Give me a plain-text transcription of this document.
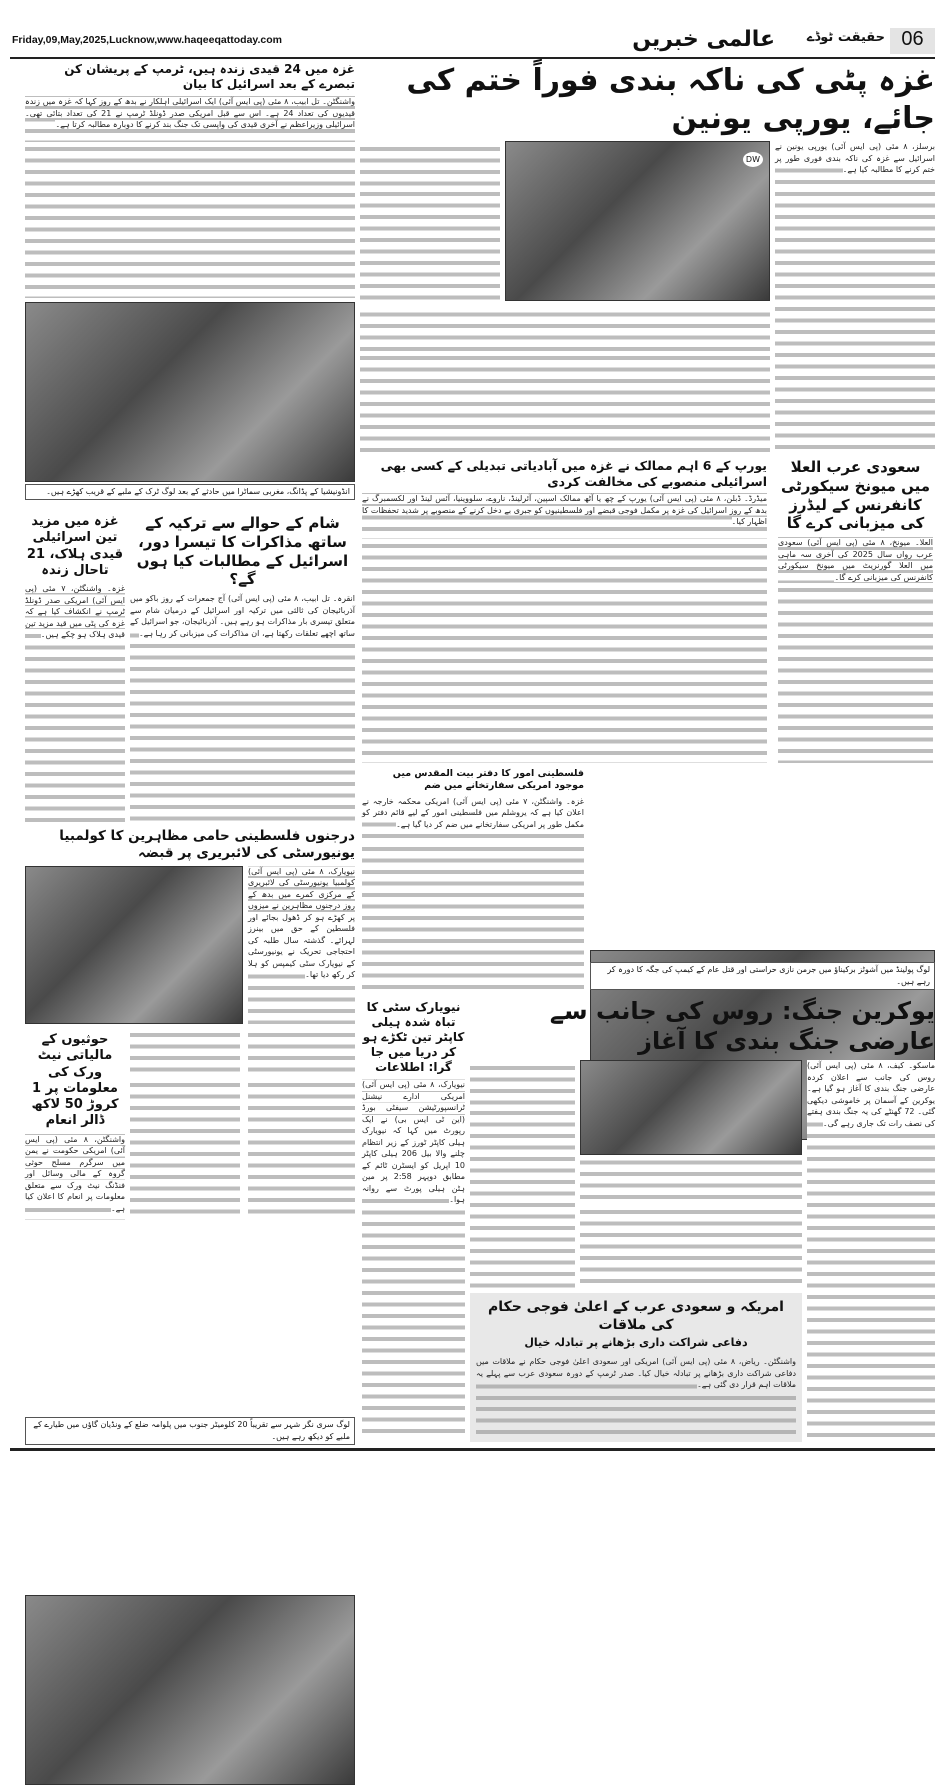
Friday,09,May,2025,Lucknow,www.haqeeqattoday.com	عالمی خبریں	حقیقت ٹوڈے 06
غزہ پٹی کی ناکہ بندی فوراً ختم کی جائے، یورپی یونین
برسلز، ۸ مئی (پی ایس آئی) یورپی یونین نے اسرائیل سے غزہ کی ناکہ بندی فوری طور پر ختم کرنے کا مطالبہ کیا ہے۔
DW
غزہ میں 24 قیدی زندہ ہیں، ٹرمپ کے پریشان کن تبصرے کے بعد اسرائیل کا بیان
واشنگٹن۔ تل ابیب، ۸ مئی (پی ایس آئی) ایک اسرائیلی اہلکار نے بدھ کے روز کہا کہ غزہ میں زندہ قیدیوں کی تعداد 24 ہے۔ اس سے قبل امریکی صدر ڈونلڈ ٹرمپ نے 21 کی تعداد بتائی تھی۔ اسرائیلی وزیراعظم نے آخری قیدی کی واپسی تک جنگ بند کرنے کا دوبارہ مطالبہ کرتا ہے۔
انڈونیشیا کے پڈانگ، مغربی سماٹرا میں حادثے کے بعد لوگ ٹرک کے ملبے کے قریب کھڑے ہیں۔
یورپ کے 6 اہم ممالک نے غزہ میں آبادیاتی تبدیلی کے کسی بھی اسرائیلی منصوبے کی مخالفت کردی
میڈرڈ۔ ڈبلن، ۸ مئی (پی ایس آئی) یورپ کے چھ یا آٹھ ممالک اسپین، آئرلینڈ، ناروے، سلووینیا، آئس لینڈ اور لکسمبرگ نے بدھ کے روز اسرائیل کی غزہ پر مکمل فوجی قبضے اور فلسطینیوں کو جبری بے دخل کرنے کے منصوبے پر شدید تحفظات کا اظہار کیا۔
سعودی عرب العلا میں میونخ سیکورٹی کانفرنس کے لیڈرز کی میزبانی کرے گا
العلا۔ میونخ، ۸ مئی (پی ایس آئی) سعودی عرب رواں سال 2025 کی آخری سہ ماہی میں العلا گورنریٹ میں میونخ سیکورٹی کانفرنس کی میزبانی کرے گا۔
شام کے حوالے سے ترکیہ کے ساتھ مذاکرات کا تیسرا دور، اسرائیل کے مطالبات کیا ہوں گے؟
انقرہ۔ تل ابیب، ۸ مئی (پی ایس آئی) آج جمعرات کے روز باکو میں آذربائیجان کی ثالثی میں ترکیہ اور اسرائیل کے درمیان شام سے متعلق تیسری بار مذاکرات ہو رہے ہیں۔ آذربائیجان، جو اسرائیل کے ساتھ اچھے تعلقات رکھتا ہے، ان مذاکرات کی میزبانی کر رہا ہے۔
غزہ میں مزید تین اسرائیلی قیدی ہلاک، 21 تاحال زندہ
غزہ۔ واشنگٹن، ۷ مئی (پی ایس آئی) امریکی صدر ڈونلڈ ٹرمپ نے انکشاف کیا ہے کہ غزہ کی پٹی میں قید مزید تین قیدی ہلاک ہو چکے ہیں۔
فلسطینی امور کا دفتر بیت المقدس میں موجود امریکی سفارتخانے میں ضم
غزہ۔ واشنگٹن، ۷ مئی (پی ایس آئی) امریکی محکمہ خارجہ نے اعلان کیا ہے کہ یروشلم میں فلسطینی امور کے لیے قائم دفتر کو مکمل طور پر امریکی سفارتخانے میں ضم کر دیا گیا ہے۔
لوگ پولینڈ میں آشوٹز برکیناؤ میں جرمن نازی حراستی اور قتل عام کے کیمپ کی جگہ کا دورہ کر رہے ہیں۔
درجنوں فلسطینی حامی مظاہرین کا کولمبیا یونیورسٹی کی لائبریری پر قبضہ
نیویارک، ۸ مئی (پی ایس آئی) کولمبیا یونیورسٹی کی لائبریری کے مرکزی کمرے میں بدھ کے روز درجنوں مظاہرین نے میزوں پر کھڑے ہو کر ڈھول بجائے اور فلسطین کے حق میں بینرز لہرائے۔ گذشتہ سال طلبہ کی احتجاجی تحریک نے یونیورسٹی کے نیویارک سٹی کیمپس کو ہلا کر رکھ دیا تھا۔
یوکرین جنگ: روس کی جانب سے عارضی جنگ بندی کا آغاز
ماسکو۔ کیف، ۸ مئی (پی ایس آئی) روس کی جانب سے اعلان کردہ عارضی جنگ بندی کا آغاز ہو گیا ہے۔ یوکرین کے آسمان پر خاموشی دیکھی گئی۔ 72 گھنٹے کی یہ جنگ بندی ہفتے کی نصف رات تک جاری رہے گی۔
امریکہ و سعودی عرب کے اعلیٰ فوجی حکام کی ملاقات
دفاعی شراکت داری بڑھانے پر تبادلہ خیال
واشنگٹن۔ ریاض، ۸ مئی (پی ایس آئی) امریکی اور سعودی اعلیٰ فوجی حکام نے ملاقات میں دفاعی شراکت داری بڑھانے پر تبادلہ خیال کیا۔ صدر ٹرمپ کے دورہ سعودی عرب سے پہلے یہ ملاقات اہم قرار دی گئی ہے۔
حوثیوں کے مالیاتی نیٹ ورک کی معلومات پر 1 کروڑ 50 لاکھ ڈالر انعام
واشنگٹن، ۸ مئی (پی ایس آئی) امریکی حکومت نے یمن میں سرگرم مسلح حوثی گروہ کے مالی وسائل اور فنڈنگ نیٹ ورک سے متعلق معلومات پر انعام کا اعلان کیا ہے۔
نیویارک سٹی کا تباہ شدہ ہیلی کاپٹر تین ٹکڑے ہو کر دریا میں جا گرا: اطلاعات
نیویارک، ۸ مئی (پی ایس آئی) امریکی ادارے نیشنل ٹرانسپورٹیشن سیفٹی بورڈ (این ٹی ایس بی) نے ایک رپورٹ میں کہا کہ نیویارک ہیلی کاپٹر ٹورز کے زیر انتظام چلنے والا بیل 206 ہیلی کاپٹر 10 اپریل کو ایسٹرن ٹائم کے مطابق دوپہر 2:58 پر مین ہٹن ہیلی پورٹ سے روانہ ہوا۔
لوگ سری نگر شہر سے تقریباً 20 کلومیٹر جنوب میں پلوامہ ضلع کے ونڈیان گاؤں میں طیارے کے ملبے کو دیکھ رہے ہیں۔
